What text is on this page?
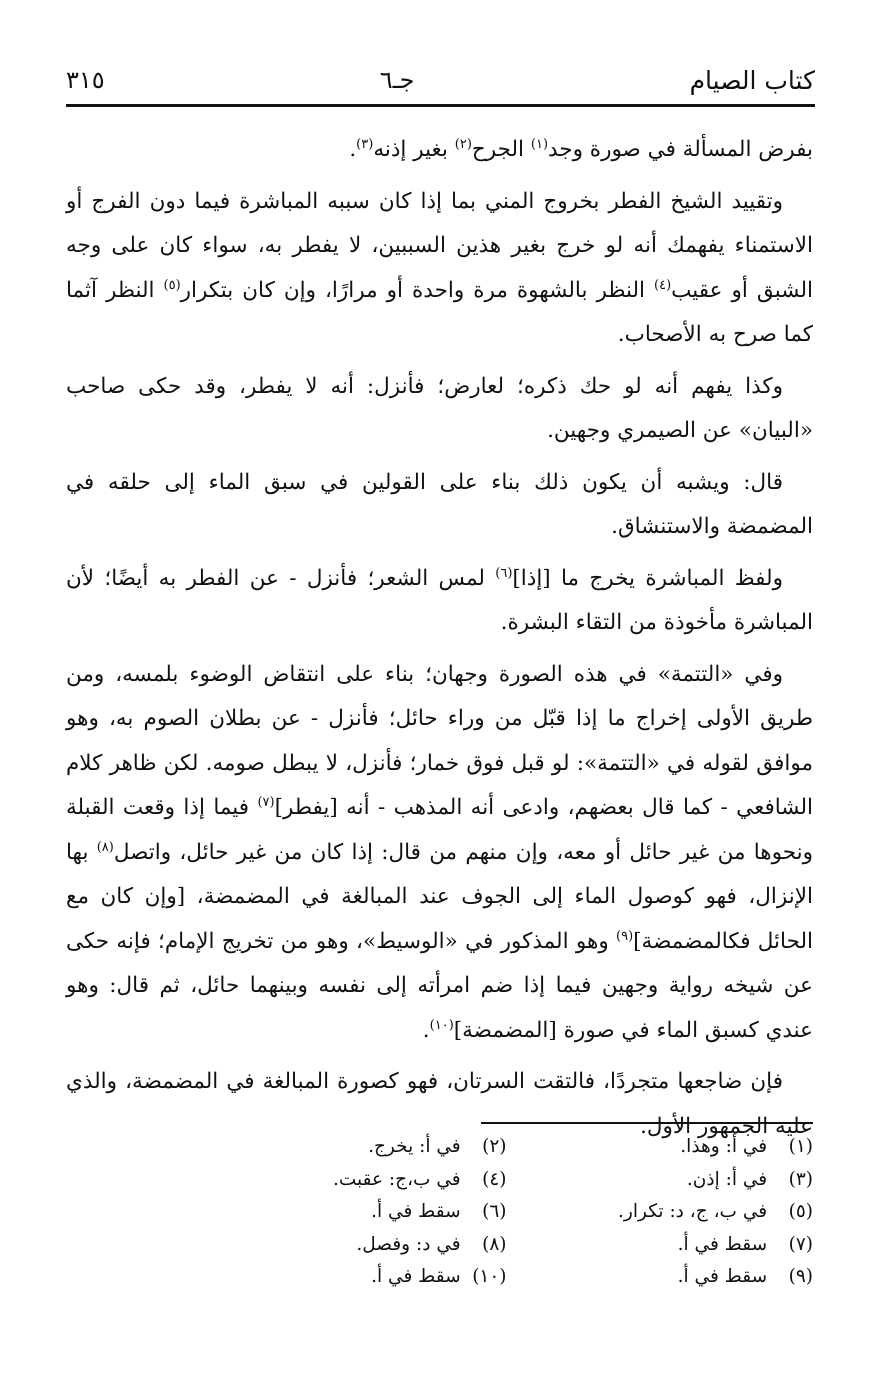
كتاب الصيام
جـ٦
٣١٥

بفرض المسألة في صورة وجد$^{(١)}$ الجرح$^{(٢)}$ بغير إذنه$^{(٣)}$.

وتقييد الشيخ الفطر بخروج المني بما إذا كان سببه المباشرة فيما دون الفرج أو الاستمناء يفهمك أنه لو خرج بغير هذين السببين، لا يفطر به، سواء كان على وجه الشبق أو عقيب$^{(٤)}$ النظر بالشهوة مرة واحدة أو مرارًا، وإن كان بتكرار$^{(٥)}$ النظر آثما كما صرح به الأصحاب.

وكذا يفهم أنه لو حك ذكره؛ لعارض؛ فأنزل: أنه لا يفطر، وقد حكى صاحب «البيان» عن الصيمري وجهين.

قال: ويشبه أن يكون ذلك بناء على القولين في سبق الماء إلى حلقه في المضمضة والاستنشاق.

ولفظ المباشرة يخرج ما [إذا]$^{(٦)}$ لمس الشعر؛ فأنزل - عن الفطر به أيضًا؛ لأن المباشرة مأخوذة من التقاء البشرة.

وفي «التتمة» في هذه الصورة وجهان؛ بناء على انتقاض الوضوء بلمسه، ومن طريق الأولى إخراج ما إذا قبّل من وراء حائل؛ فأنزل - عن بطلان الصوم به، وهو موافق لقوله في «التتمة»: لو قبل فوق خمار؛ فأنزل، لا يبطل صومه. لكن ظاهر كلام الشافعي - كما قال بعضهم، وادعى أنه المذهب - أنه [يفطر]$^{(٧)}$ فيما إذا وقعت القبلة ونحوها من غير حائل أو معه، وإن منهم من قال: إذا كان من غير حائل، واتصل$^{(٨)}$ بها الإنزال، فهو كوصول الماء إلى الجوف عند المبالغة في المضمضة، [وإن كان مع الحائل فكالمضمضة]$^{(٩)}$ وهو المذكور في «الوسيط»، وهو من تخريج الإمام؛ فإنه حكى عن شيخه رواية وجهين فيما إذا ضم امرأته إلى نفسه وبينهما حائل، ثم قال: وهو عندي كسبق الماء في صورة [المضمضة]$^{(١٠)}$.

فإن ضاجعها متجردًا، فالتقت السرتان، فهو كصورة المبالغة في المضمضة، والذي عليه الجمهور الأول.

(١) في أ: وهذا.
(٢) في أ: يخرج.
(٣) في أ: إذن.
(٤) في ب،ج: عقبت.
(٥) في ب، ج، د: تكرار.
(٦) سقط في أ.
(٧) سقط في أ.
(٨) في د: وفصل.
(٩) سقط في أ.
(١٠) سقط في أ.
